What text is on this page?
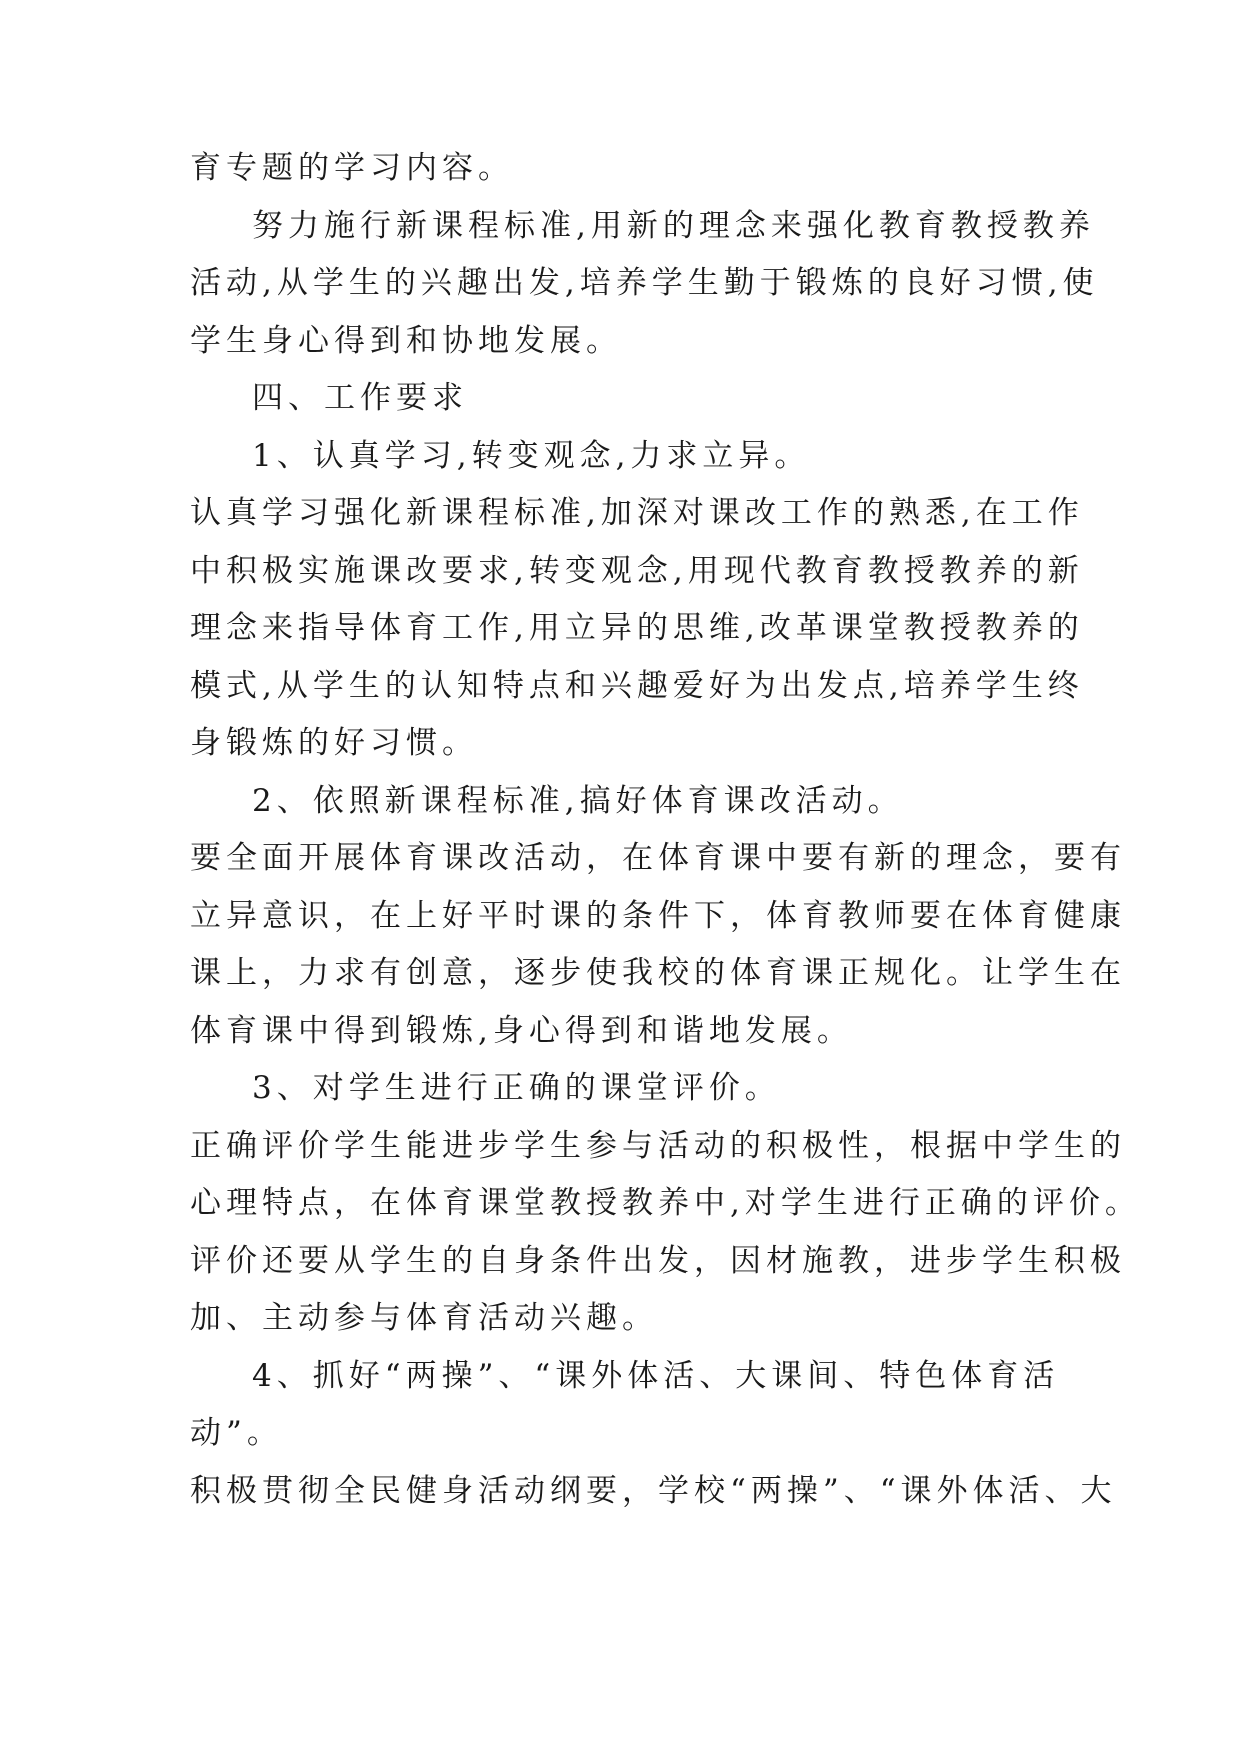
育专题的学习内容。
努力施行新课程标准,用新的理念来强化教育教授教养
活动,从学生的兴趣出发,培养学生勤于锻炼的良好习惯,使
学生身心得到和协地发展。
四、工作要求
1、认真学习,转变观念,力求立异。
认真学习强化新课程标准,加深对课改工作的熟悉,在工作
中积极实施课改要求,转变观念,用现代教育教授教养的新
理念来指导体育工作,用立异的思维,改革课堂教授教养的
模式,从学生的认知特点和兴趣爱好为出发点,培养学生终
身锻炼的好习惯。
2、依照新课程标准,搞好体育课改活动。
要全面开展体育课改活动，在体育课中要有新的理念，要有
立异意识，在上好平时课的条件下，体育教师要在体育健康
课上，力求有创意，逐步使我校的体育课正规化。让学生在
体育课中得到锻炼,身心得到和谐地发展。
3、对学生进行正确的课堂评价。
正确评价学生能进步学生参与活动的积极性，根据中学生的
心理特点，在体育课堂教授教养中,对学生进行正确的评价。
评价还要从学生的自身条件出发，因材施教，进步学生积极
加、主动参与体育活动兴趣。
4、抓好“两操”、“课外体活、大课间、特色体育活
动”。
积极贯彻全民健身活动纲要，学校“两操”、“课外体活、大
